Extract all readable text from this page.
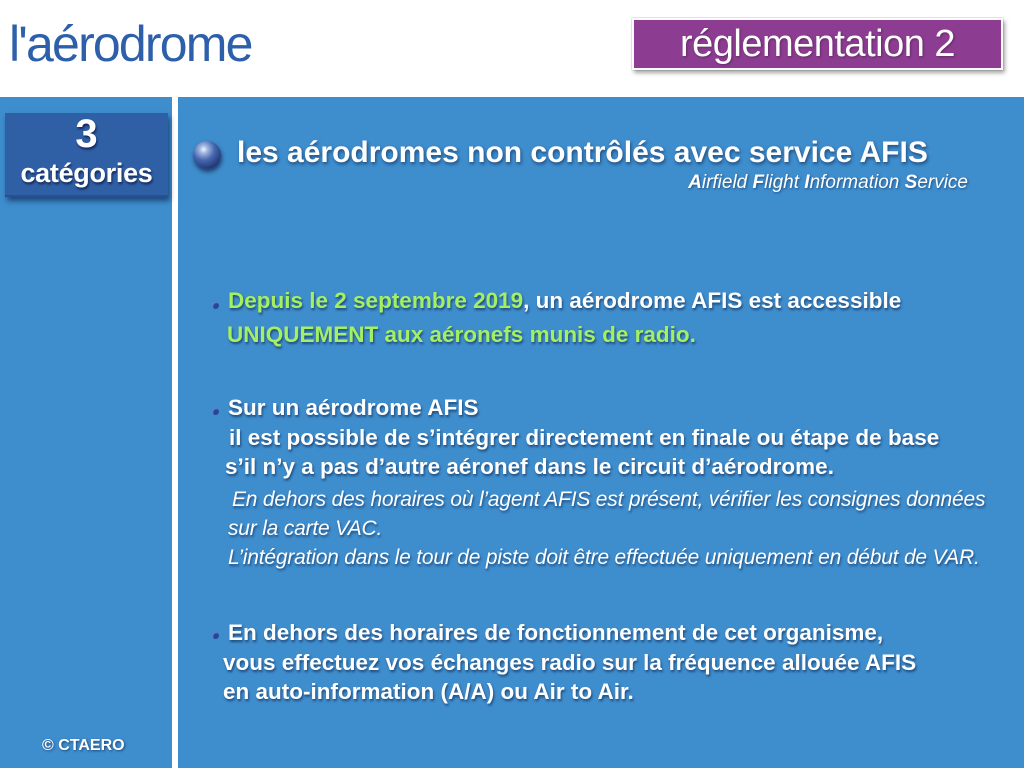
l'aérodrome	réglementation 2
3
catégories
© CTAERO
les aérodromes non contrôlés avec service AFIS
Airfield Flight Information Service
Depuis le 2 septembre 2019, un aérodrome AFIS est accessible
UNIQUEMENT aux aéronefs munis de radio.
Sur un aérodrome AFIS
il est possible de s’intégrer directement en finale ou étape de base
s’il n’y a pas d’autre aéronef dans le circuit d’aérodrome.
En dehors des horaires où l’agent AFIS est présent, vérifier les consignes données
sur la carte VAC.
L’intégration dans le tour de piste doit être effectuée uniquement en début de VAR.
En dehors des horaires de fonctionnement de cet organisme,
vous effectuez vos échanges radio sur la fréquence allouée AFIS
en auto-information (A/A) ou Air to Air.
